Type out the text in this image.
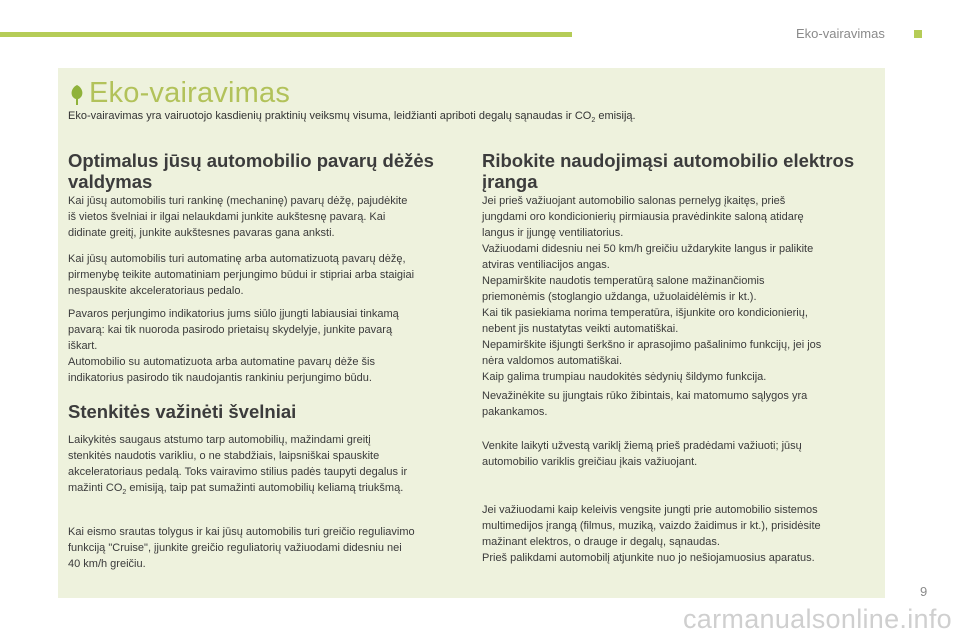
Eko-vairavimas
Eko-vairavimas

Eko-vairavimas yra vairuotojo kasdienių praktinių veiksmų visuma, leidžianti apriboti degalų sąnaudas ir $CO_2$ emisiją.

Optimalus jūsų automobilio pavarų dėžės valdymas

Kai jūsų automobilis turi rankinę (mechaninę) pavarų dėžę, pajudėkite
iš vietos švelniai ir ilgai nelaukdami junkite aukštesnę pavarą. Kai
didinate greitį, junkite aukštesnes pavaras gana anksti.

Kai jūsų automobilis turi automatinę arba automatizuotą pavarų dėžę,
pirmenybę teikite automatiniam perjungimo būdui ir stipriai arba staigiai
nespauskite akceleratoriaus pedalo.

Pavaros perjungimo indikatorius jums siūlo įjungti labiausiai tinkamą
pavarą: kai tik nuoroda pasirodo prietaisų skydelyje, junkite pavarą
iškart.
Automobilio su automatizuota arba automatine pavarų dėže šis
indikatorius pasirodo tik naudojantis rankiniu perjungimo būdu.

Stenkitės važinėti švelniai

Laikykitės saugaus atstumo tarp automobilių, mažindami greitį
stenkitės naudotis varikliu, o ne stabdžiais, laipsniškai spauskite
akceleratoriaus pedalą. Toks vairavimo stilius padės taupyti degalus ir
mažinti $CO_2$ emisiją, taip pat sumažinti automobilių keliamą triukšmą.

Kai eismo srautas tolygus ir kai jūsų automobilis turi greičio reguliavimo
funkciją "Cruise", įjunkite greičio reguliatorių važiuodami didesniu nei
40 km/h greičiu.

Ribokite naudojimąsi automobilio elektros įranga

Jei prieš važiuojant automobilio salonas pernelyg įkaitęs, prieš
jungdami oro kondicionierių pirmiausia pravėdinkite saloną atidarę
langus ir įjungę ventiliatorius.
Važiuodami didesniu nei 50 km/h greičiu uždarykite langus ir palikite
atviras ventiliacijos angas.
Nepamirškite naudotis temperatūrą salone mažinančiomis
priemonėmis (stoglangio uždanga, užuolaidėlėmis ir kt.).
Kai tik pasiekiama norima temperatūra, išjunkite oro kondicionierių,
nebent jis nustatytas veikti automatiškai.
Nepamirškite išjungti šerkšno ir aprasojimo pašalinimo funkcijų, jei jos
nėra valdomos automatiškai.
Kaip galima trumpiau naudokitės sėdynių šildymo funkcija.

Nevažinėkite su įjungtais rūko žibintais, kai matomumo sąlygos yra
pakankamos.

Venkite laikyti užvestą variklį žiemą prieš pradėdami važiuoti; jūsų
automobilio variklis greičiau įkais važiuojant.

Jei važiuodami kaip keleivis vengsite jungti prie automobilio sistemos
multimedijos įrangą (filmus, muziką, vaizdo žaidimus ir kt.), prisidėsite
mažinant elektros, o drauge ir degalų, sąnaudas.
Prieš palikdami automobilį atjunkite nuo jo nešiojamuosius aparatus.

9
carmanualsonline.info
